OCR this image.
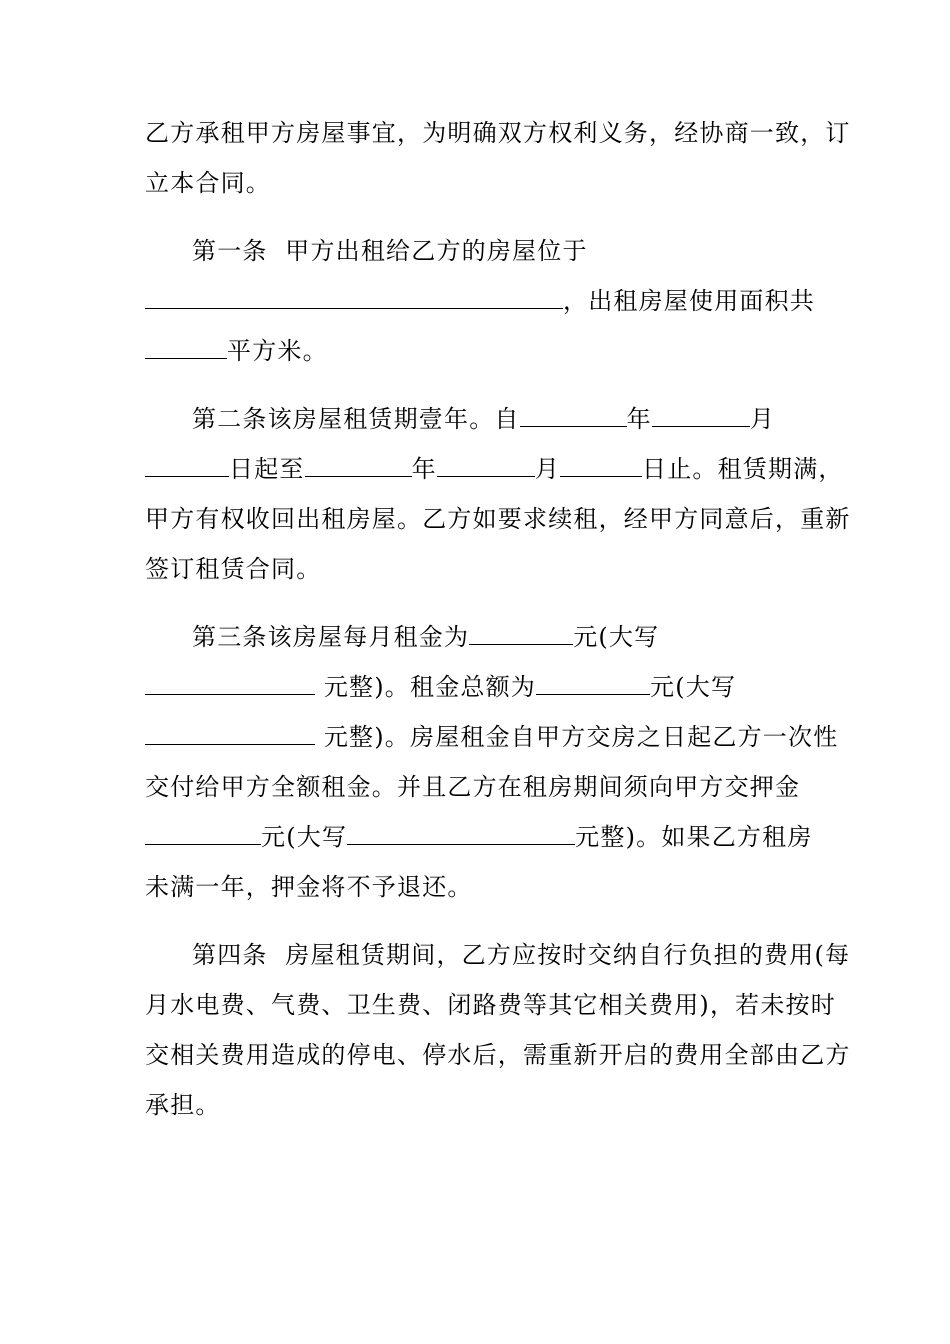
乙方承租甲方房屋事宜，为明确双方权利义务，经协商一致，订
立本合同。
第一条  甲方出租给乙方的房屋位于
，出租房屋使用面积共
平方米。
第二条该房屋租赁期壹年。自	年	月
日起至	年	月	日止。租赁期满，
甲方有权收回出租房屋。乙方如要求续租，经甲方同意后，重新
签订租赁合同。
第三条该房屋每月租金为	元(大写
元整)。租金总额为	元(大写
元整)。房屋租金自甲方交房之日起乙方一次性
交付给甲方全额租金。并且乙方在租房期间须向甲方交押金
元(大写	元整)。如果乙方租房
未满一年，押金将不予退还。
第四条  房屋租赁期间，乙方应按时交纳自行负担的费用(每
月水电费、气费、卫生费、闭路费等其它相关费用)，若未按时
交相关费用造成的停电、停水后，需重新开启的费用全部由乙方
承担。
